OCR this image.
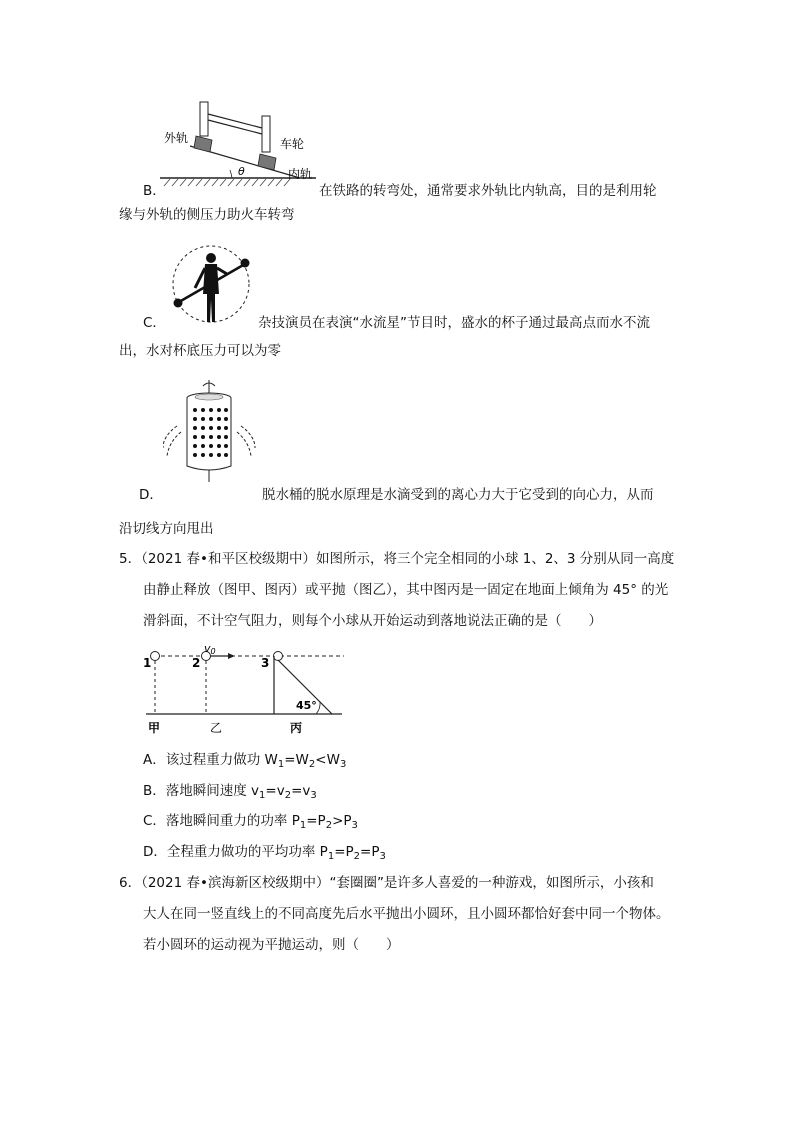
θ
外轨	车轮
内轨
B．	在铁路的转弯处，通常要求外轨比内轨高，目的是利用轮
缘与外轨的侧压力助火车转弯
C．	杂技演员在表演“水流星”节目时，盛水的杯子通过最高点而水不流
出，水对杯底压力可以为零
D．	脱水桶的脱水原理是水滴受到的离心力大于它受到的向心力，从而
沿切线方向甩出
5．（2021 春•和平区校级期中）如图所示，将三个完全相同的小球 1、2、3 分别从同一高度
由静止释放（图甲、图丙）或平抛（图乙），其中图丙是一固定在地面上倾角为 45° 的光
滑斜面，不计空气阻力，则每个小球从开始运动到落地说法正确的是（　　）
1	2	3
v0
45°
甲	乙	丙
A．该过程重力做功 $W_1=W_2<W_3$
B．落地瞬间速度 $v_1=v_2=v_3$
C．落地瞬间重力的功率 $P_1=P_2>P_3$
D．全程重力做功的平均功率 $P_1=P_2=P_3$
6．（2021 春•滨海新区校级期中）“套圈圈”是许多人喜爱的一种游戏，如图所示，小孩和
大人在同一竖直线上的不同高度先后水平抛出小圆环，且小圆环都恰好套中同一个物体。
若小圆环的运动视为平抛运动，则（　　）
